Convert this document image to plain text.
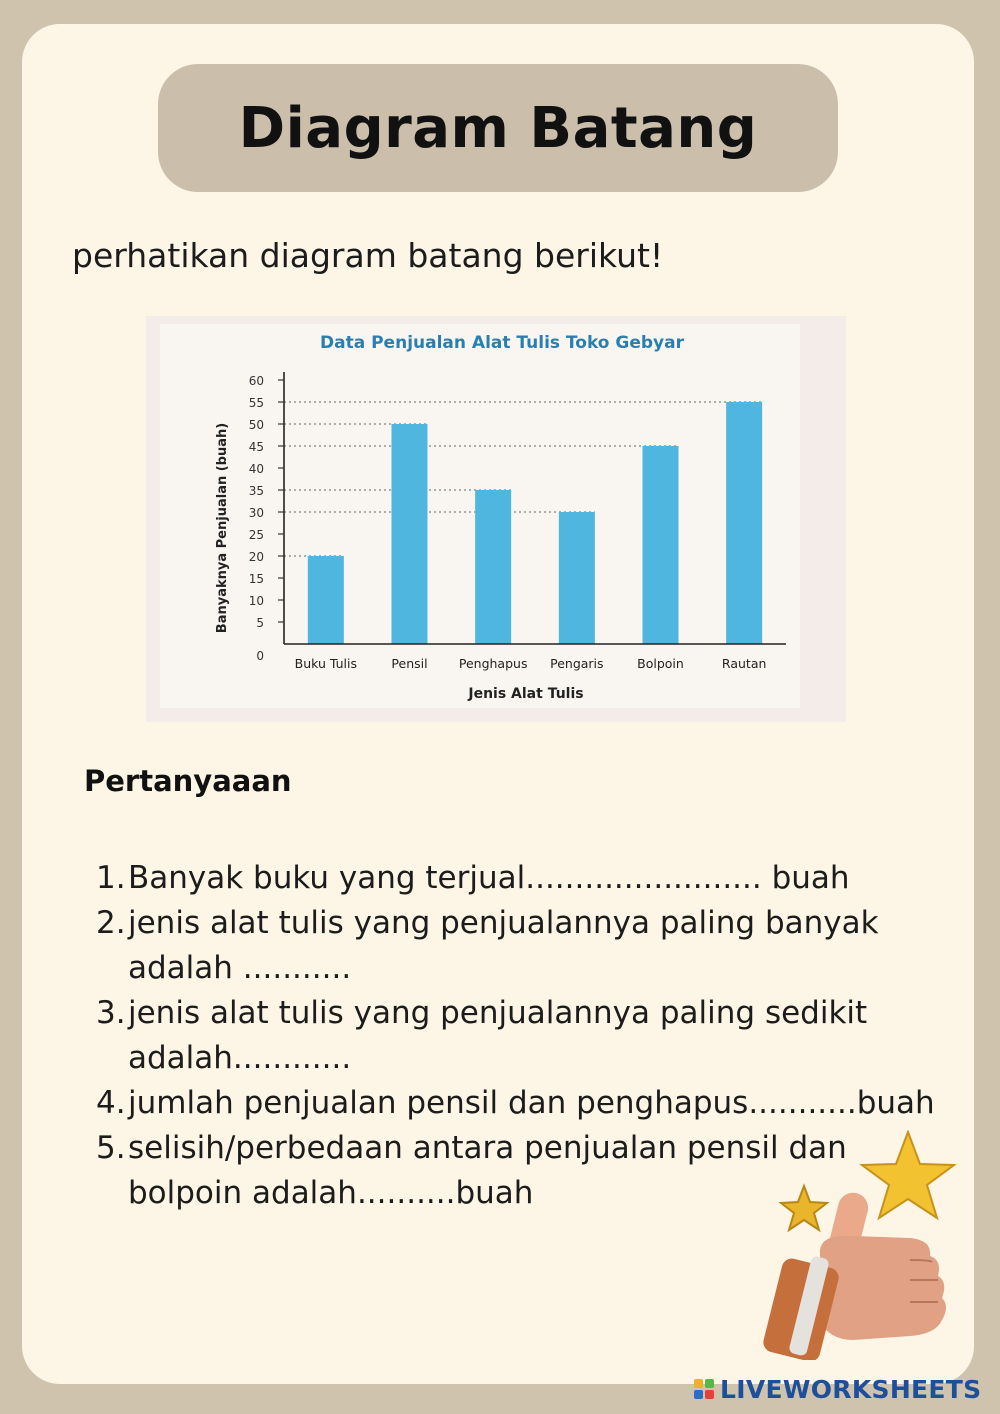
Diagram Batang
perhatikan diagram batang berikut!
Data Penjualan Alat Tulis Toko Gebyar
Banyaknya Penjualan (buah)
Jenis Alat Tulis
0
5
10
15
20
25
30
35
40
45
50
55
60
Buku Tulis	Pensil	Penghapus Pengaris	Bolpoin	Rautan
Pertanyaaan
1. Banyak buku yang terjual........................ buah
2. jenis alat tulis yang penjualannya paling banyak adalah ...........
3. jenis alat tulis yang penjualannya paling sedikit adalah............
4. jumlah penjualan pensil dan penghapus...........buah
5. selisih/perbedaan antara penjualan pensil dan bolpoin adalah..........buah
LIVEWORKSHEETS
